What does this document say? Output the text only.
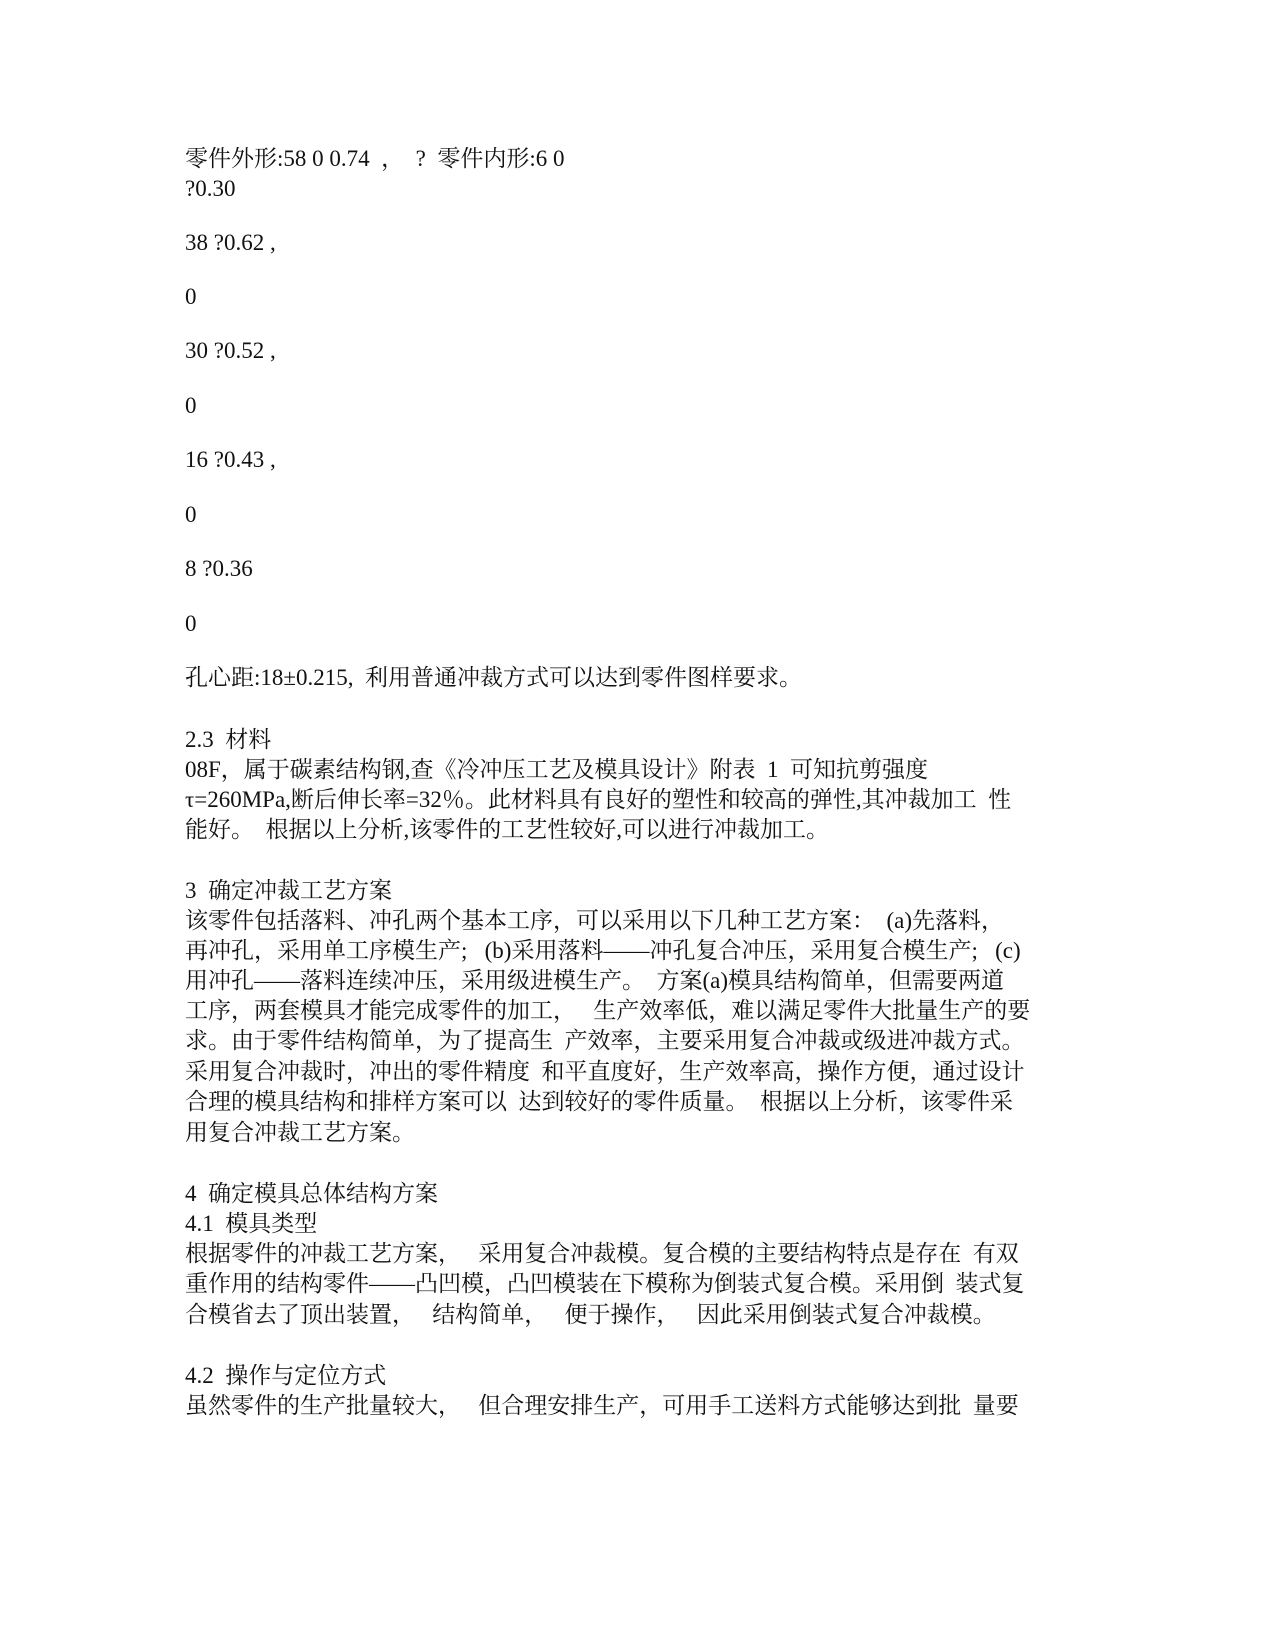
零件外形:58 0 0.74  ，  ?  零件内形:6 0

?0.30

38 ?0.62 ,

0

30 ?0.52 ,

0

16 ?0.43 ,

0

8 ?0.36

0

孔心距:18±0.215,  利用普通冲裁方式可以达到零件图样要求。

2.3  材料

08F，属于碳素结构钢,查《冷冲压工艺及模具设计》附表  1  可知抗剪强度

τ=260MPa,断后伸长率=32％。此材料具有良好的塑性和较高的弹性,其冲裁加工  性

能好。  根据以上分析,该零件的工艺性较好,可以进行冲裁加工。

3  确定冲裁工艺方案

该零件包括落料、冲孔两个基本工序，可以采用以下几种工艺方案：  (a)先落料，

再冲孔，采用单工序模生产;   (b)采用落料——冲孔复合冲压，采用复合模生产;   (c)

用冲孔——落料连续冲压，采用级进模生产。  方案(a)模具结构简单，但需要两道

工序，两套模具才能完成零件的加工，   生产效率低，难以满足零件大批量生产的要

求。由于零件结构简单，为了提高生  产效率，主要采用复合冲裁或级进冲裁方式。

采用复合冲裁时，冲出的零件精度  和平直度好，生产效率高，操作方便，通过设计

合理的模具结构和排样方案可以  达到较好的零件质量。  根据以上分析，该零件采

用复合冲裁工艺方案。

4  确定模具总体结构方案

4.1  模具类型

根据零件的冲裁工艺方案，   采用复合冲裁模。复合模的主要结构特点是存在  有双

重作用的结构零件——凸凹模，凸凹模装在下模称为倒装式复合模。采用倒  装式复

合模省去了顶出装置，   结构简单，   便于操作，   因此采用倒装式复合冲裁模。

4.2  操作与定位方式

虽然零件的生产批量较大，   但合理安排生产，可用手工送料方式能够达到批  量要
